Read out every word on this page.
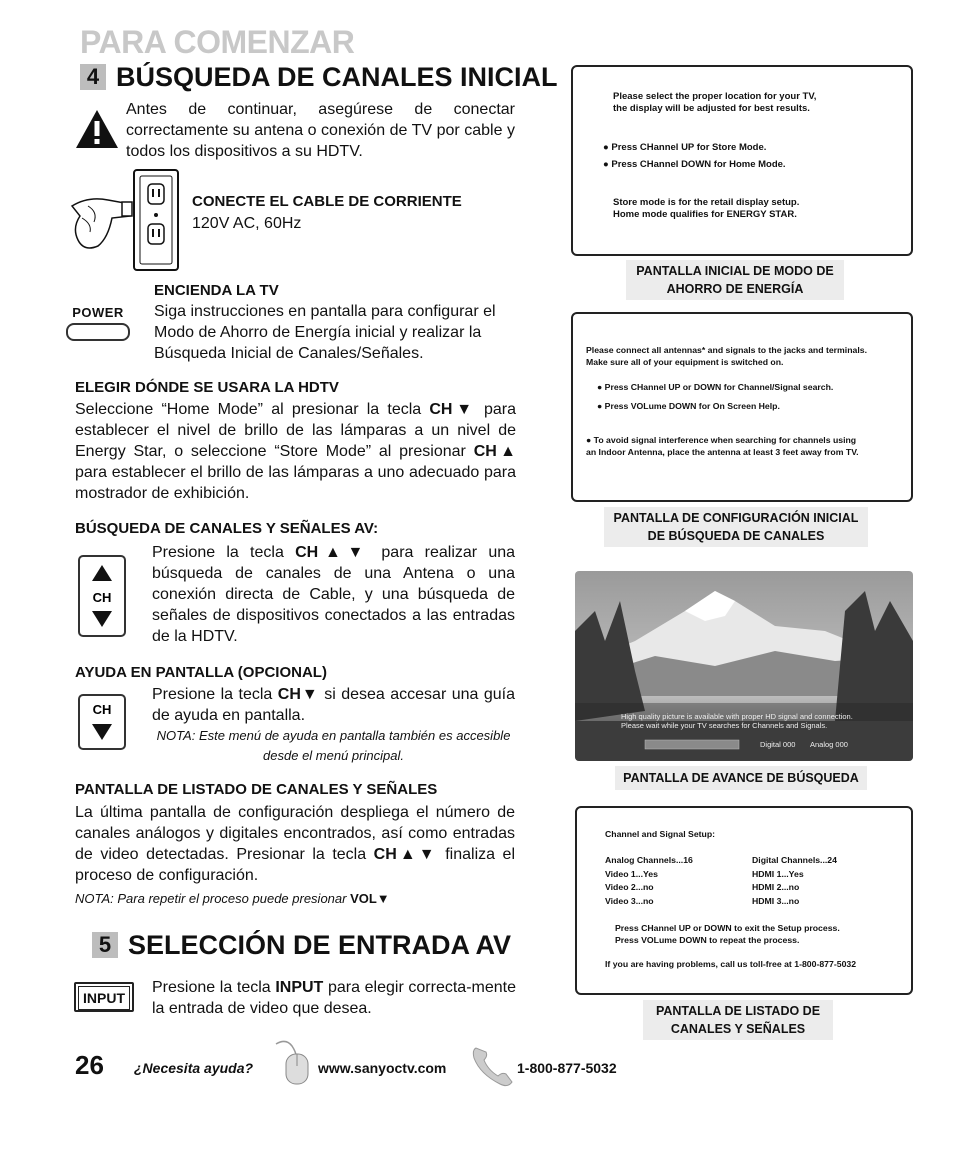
PARA COMENZAR
4 BÚSQUEDA DE CANALES INICIAL
Antes de continuar, asegúrese de conectar correctamente su antena o conexión de TV por cable y todos los dispositivos a su HDTV.
CONECTE EL CABLE DE CORRIENTE
120V AC, 60Hz
POWER
ENCIENDA LA TV
Siga instrucciones en pantalla para configurar el Modo de Ahorro de Energía inicial y realizar la Búsqueda Inicial de Canales/Señales.
ELEGIR DÓNDE SE USARA LA HDTV
Seleccione “Home Mode” al presionar la tecla CH▼ para establecer el nivel de brillo de las lámparas a un nivel de Energy Star, o seleccione “Store Mode” al presionar CH▲ para establecer el brillo de las lámparas a uno adecuado para mostrador de exhibición.
BÚSQUEDA DE CANALES Y SEÑALES AV:
CH
Presione la tecla CH▲▼ para realizar una búsqueda de canales de una Antena o una conexión directa de Cable, y una búsqueda de señales de dispositivos conectados a las entradas de la HDTV.
AYUDA EN PANTALLA (OPCIONAL)
CH
Presione la tecla CH▼ si desea accesar una guía de ayuda en pantalla.
NOTA: Este menú de ayuda en pantalla también es accesible desde el menú principal.
PANTALLA DE LISTADO DE CANALES Y SEÑALES
La última pantalla de configuración despliega el número de canales análogos y digitales encontrados, así como entradas de video detectadas. Presionar la tecla CH▲▼ finaliza el proceso de configuración.
NOTA: Para repetir el proceso puede presionar VOL▼
5 SELECCIÓN DE ENTRADA AV
INPUT
Presione la tecla INPUT para elegir correcta-mente la entrada de video que desea.
Please select the proper location for your TV,
the display will be adjusted for best results.
● Press CHannel UP for Store Mode.
● Press CHannel DOWN for Home Mode.
Store mode is for the retail display setup.
Home mode qualifies for ENERGY STAR.
PANTALLA INICIAL DE MODO DE
AHORRO DE ENERGÍA
Please connect all antennas* and signals to the jacks and terminals.
Make sure all of your equipment is switched on.
● Press CHannel UP or DOWN for Channel/Signal search.
● Press VOLume DOWN for On Screen Help.
● To avoid signal interference when searching for channels using
an Indoor Antenna, place the antenna at least 3 feet away from TV.
PANTALLA DE CONFIGURACIÓN INICIAL
DE BÚSQUEDA DE CANALES
High quality picture is available with proper HD signal and connection.
Please wait while your TV searches for Channels and Signals.
Digital 000 Analog 000
PANTALLA DE AVANCE DE BÚSQUEDA
Channel and Signal Setup:
Analog Channels...16
Video 1...Yes
Video 2...no
Video 3...no
Digital Channels...24
HDMI 1...Yes
HDMI 2...no
HDMI 3...no
Press CHannel UP or DOWN to exit the Setup process.
Press VOLume DOWN to repeat the process.
If you are having problems, call us toll-free at 1-800-877-5032
PANTALLA DE LISTADO DE
CANALES Y SEÑALES
26 ¿Necesita ayuda?	www.sanyoctv.com	1-800-877-5032
